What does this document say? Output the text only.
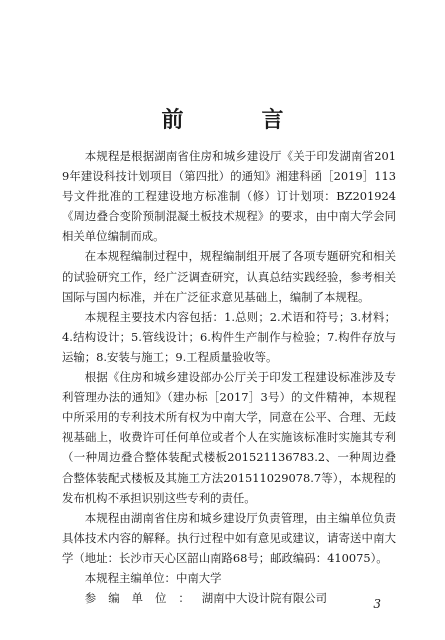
前　言

本规程是根据湖南省住房和城乡建设厅《关于印发湖南省2019年建设科技计划项目（第四批）的通知》湘建科函［2019］113号文件批准的工程建设地方标准制（修）订计划项：BZ201924《周边叠合变阶预制混凝土板技术规程》的要求，由中南大学会同相关单位编制而成。

在本规程编制过程中，规程编制组开展了各项专题研究和相关的试验研究工作，经广泛调查研究，认真总结实践经验，参考相关国际与国内标准，并在广泛征求意见基础上，编制了本规程。

本规程主要技术内容包括：1.总则；2.术语和符号；3.材料；4.结构设计；5.管线设计；6.构件生产制作与检验；7.构件存放与运输；8.安装与施工；9.工程质量验收等。

根据《住房和城乡建设部办公厅关于印发工程建设标准涉及专利管理办法的通知》（建办标［2017］3号）的文件精神，本规程中所采用的专利技术所有权为中南大学，同意在公平、合理、无歧视基础上，收费许可任何单位或者个人在实施该标准时实施其专利（一种周边叠合整体装配式楼板201521136783.2、一种周边叠合整体装配式楼板及其施工方法201511029078.7等），本规程的发布机构不承担识别这些专利的责任。

本规程由湖南省住房和城乡建设厅负责管理，由主编单位负责具体技术内容的解释。执行过程中如有意见或建议，请寄送中南大学（地址：长沙市天心区韶山南路68号；邮政编码：410075）。

本规程主编单位：中南大学

参编单位：湖南中大设计院有限公司	3
